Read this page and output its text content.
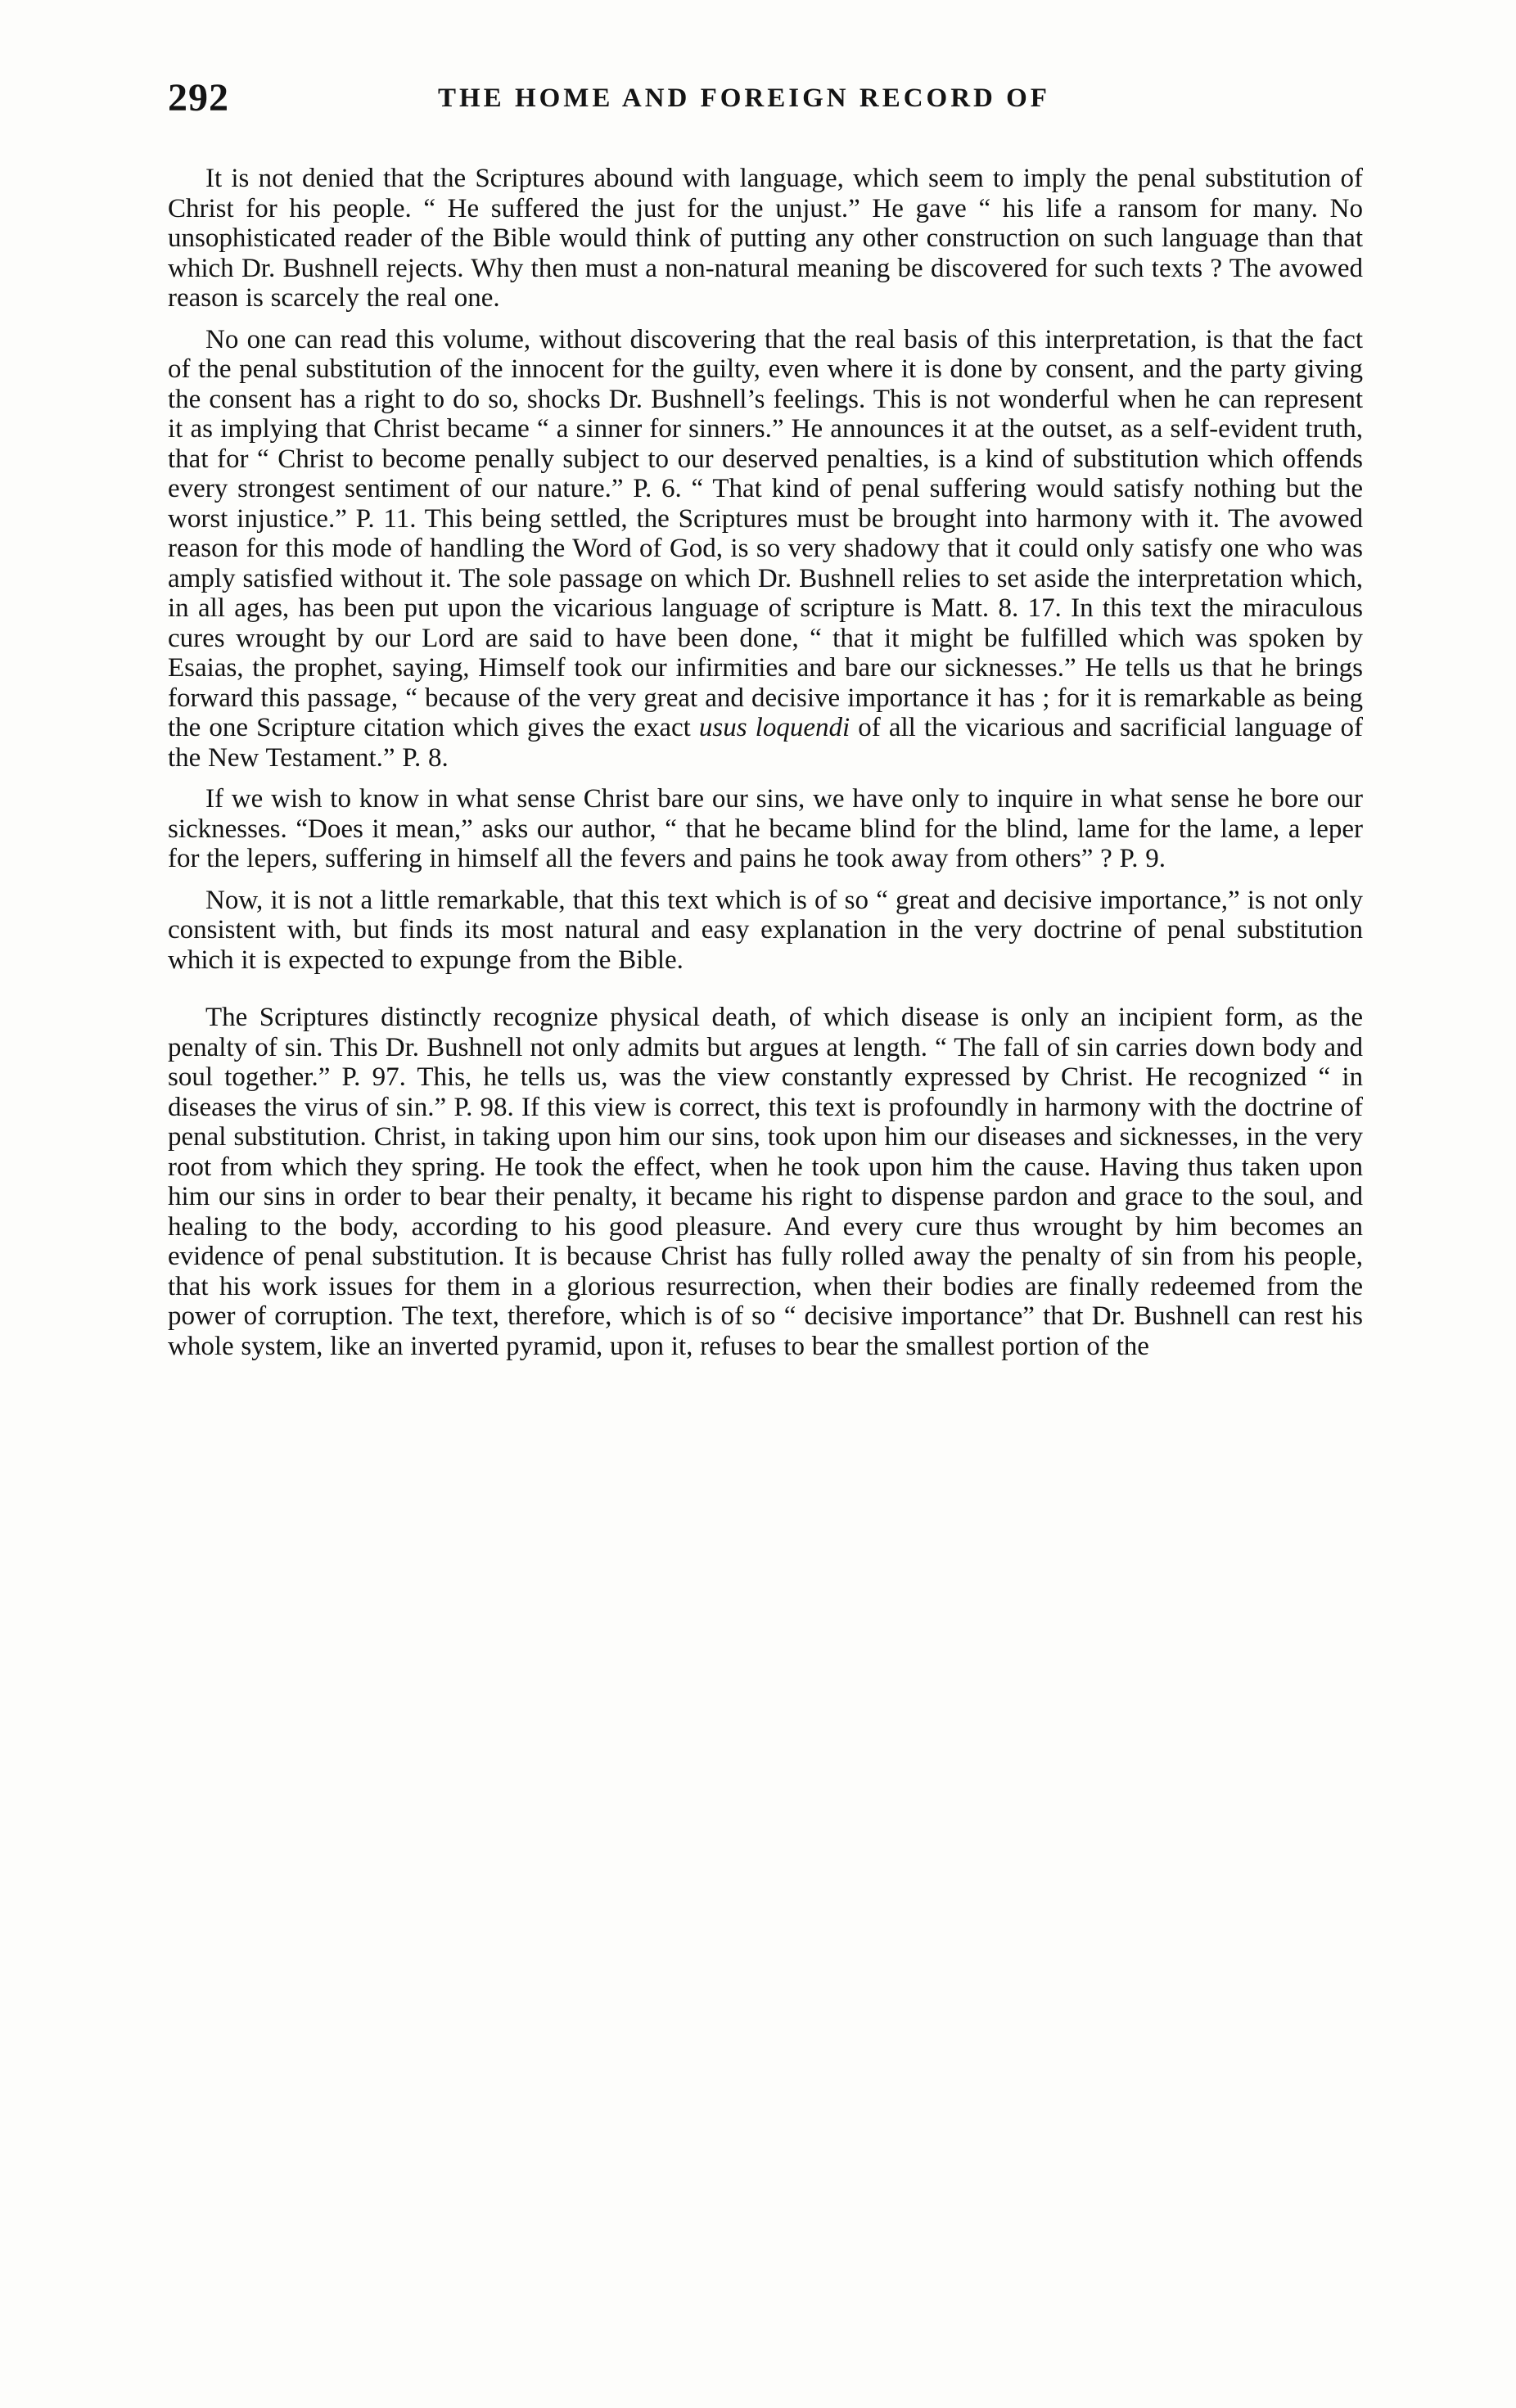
292	THE HOME AND FOREIGN RECORD OF

It is not denied that the Scriptures abound with language, which seem to imply the penal substitution of Christ for his people. “ He suffered the just for the unjust.” He gave “ his life a ransom for many. No unsophisticated reader of the Bible would think of putting any other construction on such language than that which Dr. Bushnell rejects. Why then must a non-natural meaning be discovered for such texts ? The avowed reason is scarcely the real one.

No one can read this volume, without discovering that the real basis of this interpretation, is that the fact of the penal substitution of the innocent for the guilty, even where it is done by consent, and the party giving the consent has a right to do so, shocks Dr. Bushnell’s feelings. This is not wonderful when he can represent it as implying that Christ became “ a sinner for sinners.” He announces it at the outset, as a self-evident truth, that for “ Christ to become penally subject to our deserved penalties, is a kind of substitution which offends every strongest sentiment of our nature.” P. 6. “ That kind of penal suffering would satisfy nothing but the worst injustice.” P. 11. This being settled, the Scriptures must be brought into harmony with it. The avowed reason for this mode of handling the Word of God, is so very shadowy that it could only satisfy one who was amply satisfied without it. The sole passage on which Dr. Bushnell relies to set aside the interpretation which, in all ages, has been put upon the vicarious language of scripture is Matt. 8. 17. In this text the miraculous cures wrought by our Lord are said to have been done, “ that it might be fulfilled which was spoken by Esaias, the prophet, saying, Himself took our infirmities and bare our sicknesses.” He tells us that he brings forward this passage, “ because of the very great and decisive importance it has ; for it is remarkable as being the one Scripture citation which gives the exact usus loquendi of all the vicarious and sacrificial language of the New Testament.” P. 8.

If we wish to know in what sense Christ bare our sins, we have only to inquire in what sense he bore our sicknesses. “Does it mean,” asks our author, “ that he became blind for the blind, lame for the lame, a leper for the lepers, suffering in himself all the fevers and pains he took away from others” ? P. 9.

Now, it is not a little remarkable, that this text which is of so “ great and decisive importance,” is not only consistent with, but finds its most natural and easy explanation in the very doctrine of penal substitution which it is expected to expunge from the Bible.

The Scriptures distinctly recognize physical death, of which disease is only an incipient form, as the penalty of sin. This Dr. Bushnell not only admits but argues at length. “ The fall of sin carries down body and soul together.” P. 97. This, he tells us, was the view constantly expressed by Christ. He recognized “ in diseases the virus of sin.” P. 98. If this view is correct, this text is profoundly in harmony with the doctrine of penal substitution. Christ, in taking upon him our sins, took upon him our diseases and sicknesses, in the very root from which they spring. He took the effect, when he took upon him the cause. Having thus taken upon him our sins in order to bear their penalty, it became his right to dispense pardon and grace to the soul, and healing to the body, according to his good pleasure. And every cure thus wrought by him becomes an evidence of penal substitution. It is because Christ has fully rolled away the penalty of sin from his people, that his work issues for them in a glorious resurrection, when their bodies are finally redeemed from the power of corruption. The text, therefore, which is of so “ decisive importance” that Dr. Bushnell can rest his whole system, like an inverted pyramid, upon it, refuses to bear the smallest portion of the
